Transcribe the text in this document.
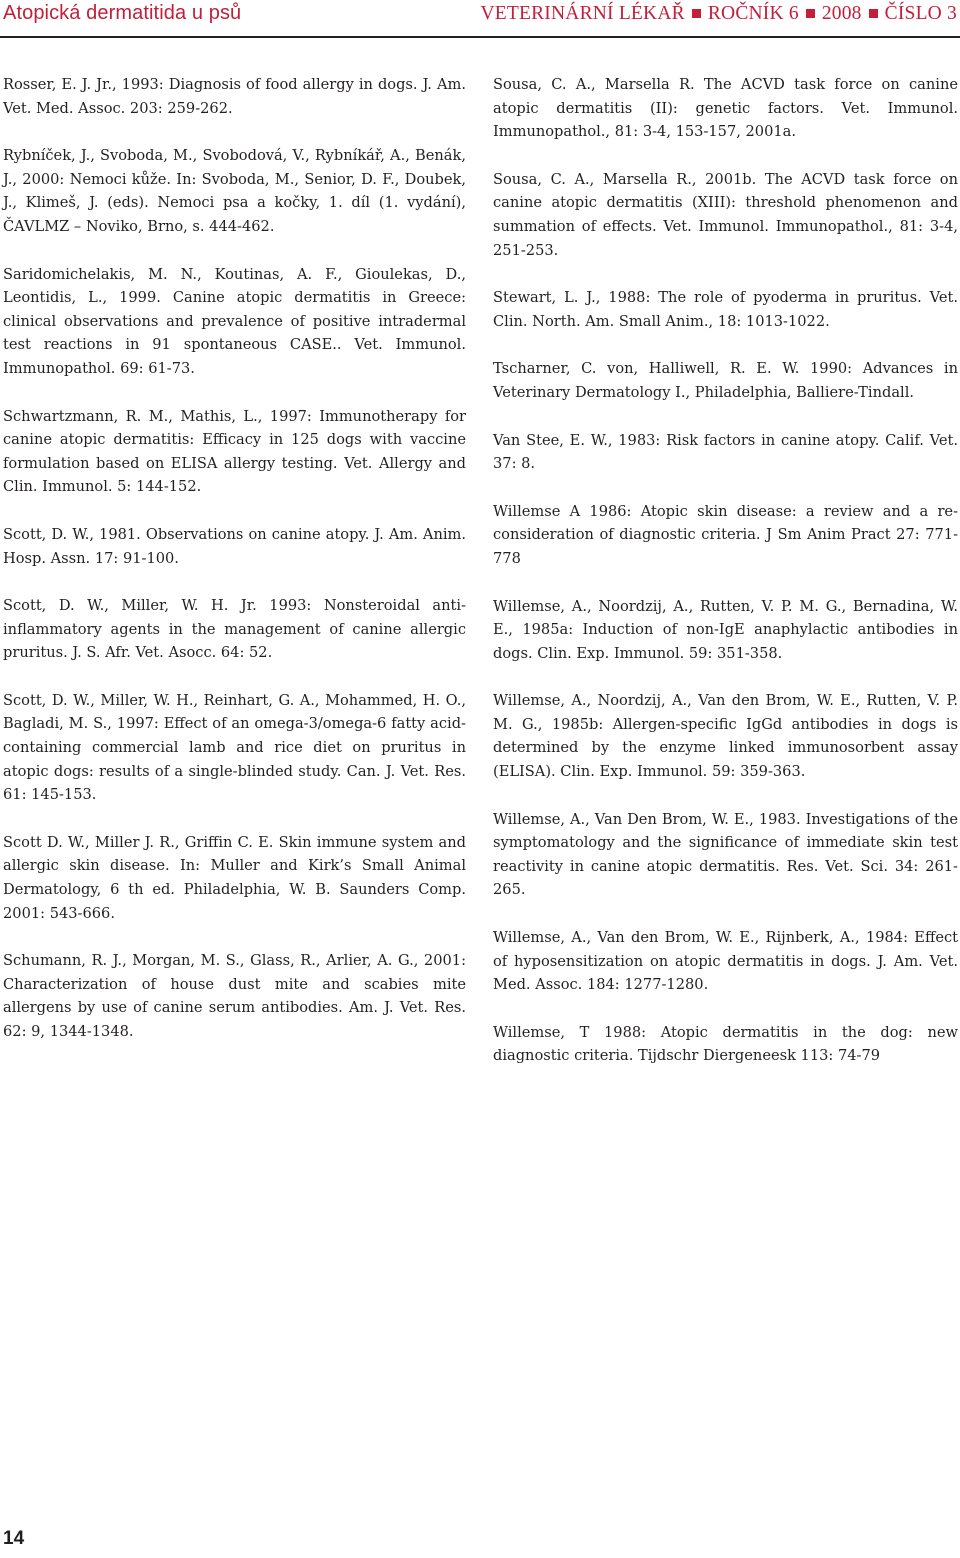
Atopická dermatitida u psů	VETERINÁRNÍ LÉKAŘ ROČNÍK 6 2008 ČÍSLO 3

Rosser, E. J. Jr., 1993: Diagnosis of food allergy in dogs. J. Am. Vet. Med. Assoc. 203: 259-262.

Rybníček, J., Svoboda, M., Svobodová, V., Rybníkář, A., Benák, J., 2000: Nemoci kůže. In: Svoboda, M., Senior, D. F., Doubek, J., Klimeš, J. (eds). Nemoci psa a kočky, 1. díl (1. vydání), ČAVLMZ – Noviko, Brno, s. 444-462.

Saridomichelakis, M. N., Koutinas, A. F., Gioulekas, D., Leontidis, L., 1999. Canine atopic dermatitis in Greece: clinical observations and prevalence of positive intradermal test reactions in 91 spontaneous CASE.. Vet. Immunol. Immunopathol. 69: 61-73.

Schwartzmann, R. M., Mathis, L., 1997: Immunotherapy for canine atopic dermatitis: Efficacy in 125 dogs with vaccine formulation based on ELISA allergy testing. Vet. Allergy and Clin. Immunol. 5: 144-152.

Scott, D. W., 1981. Observations on canine atopy. J. Am. Anim. Hosp. Assn. 17: 91-100.

Scott, D. W., Miller, W. H. Jr. 1993: Nonsteroidal anti-inflammatory agents in the management of canine allergic pruritus. J. S. Afr. Vet. Asocc. 64: 52.

Scott, D. W., Miller, W. H., Reinhart, G. A., Mohammed, H. O., Bagladi, M. S., 1997: Effect of an omega-3/omega-6 fatty acid-containing commercial lamb and rice diet on pruritus in atopic dogs: results of a single-blinded study. Can. J. Vet. Res. 61: 145-153.

Scott D. W., Miller J. R., Griffin C. E. Skin immune system and allergic skin disease. In: Muller and Kirk’s Small Animal Dermatology, 6 th ed. Philadelphia, W. B. Saunders Comp. 2001: 543-666.

Schumann, R. J., Morgan, M. S., Glass, R., Arlier, A. G., 2001: Characterization of house dust mite and scabies mite allergens by use of canine serum antibodies. Am. J. Vet. Res. 62: 9, 1344-1348.

Sousa, C. A., Marsella R. The ACVD task force on canine atopic dermatitis (II): genetic factors. Vet. Immunol. Immunopathol., 81: 3-4, 153-157, 2001a.

Sousa, C. A., Marsella R., 2001b. The ACVD task force on canine atopic dermatitis (XIII): threshold phenomenon and summation of effects. Vet. Immunol. Immunopathol., 81: 3-4, 251-253.

Stewart, L. J., 1988: The role of pyoderma in pruritus. Vet. Clin. North. Am. Small Anim., 18: 1013-1022.

Tscharner, C. von, Halliwell, R. E. W. 1990: Advances in Veterinary Dermatology I., Philadelphia, Balliere-Tindall.

Van Stee, E. W., 1983: Risk factors in canine atopy. Calif. Vet. 37: 8.

Willemse A 1986: Atopic skin disease: a review and a re-consideration of diagnostic criteria. J Sm Anim Pract 27: 771-778

Willemse, A., Noordzij, A., Rutten, V. P. M. G., Bernadina, W. E., 1985a: Induction of non-IgE anaphylactic antibodies in dogs. Clin. Exp. Immunol. 59: 351-358.

Willemse, A., Noordzij, A., Van den Brom, W. E., Rutten, V. P. M. G., 1985b: Allergen-specific IgGd antibodies in dogs is determined by the enzyme linked immunosorbent assay (ELISA). Clin. Exp. Immunol. 59: 359-363.

Willemse, A., Van Den Brom, W. E., 1983. Investigations of the symptomatology and the significance of immediate skin test reactivity in canine atopic dermatitis. Res. Vet. Sci. 34: 261-265.

Willemse, A., Van den Brom, W. E., Rijnberk, A., 1984: Effect of hyposensitization on atopic dermatitis in dogs. J. Am. Vet. Med. Assoc. 184: 1277-1280.

Willemse, T 1988: Atopic dermatitis in the dog: new diagnostic criteria. Tijdschr Diergeneesk 113: 74-79

14
